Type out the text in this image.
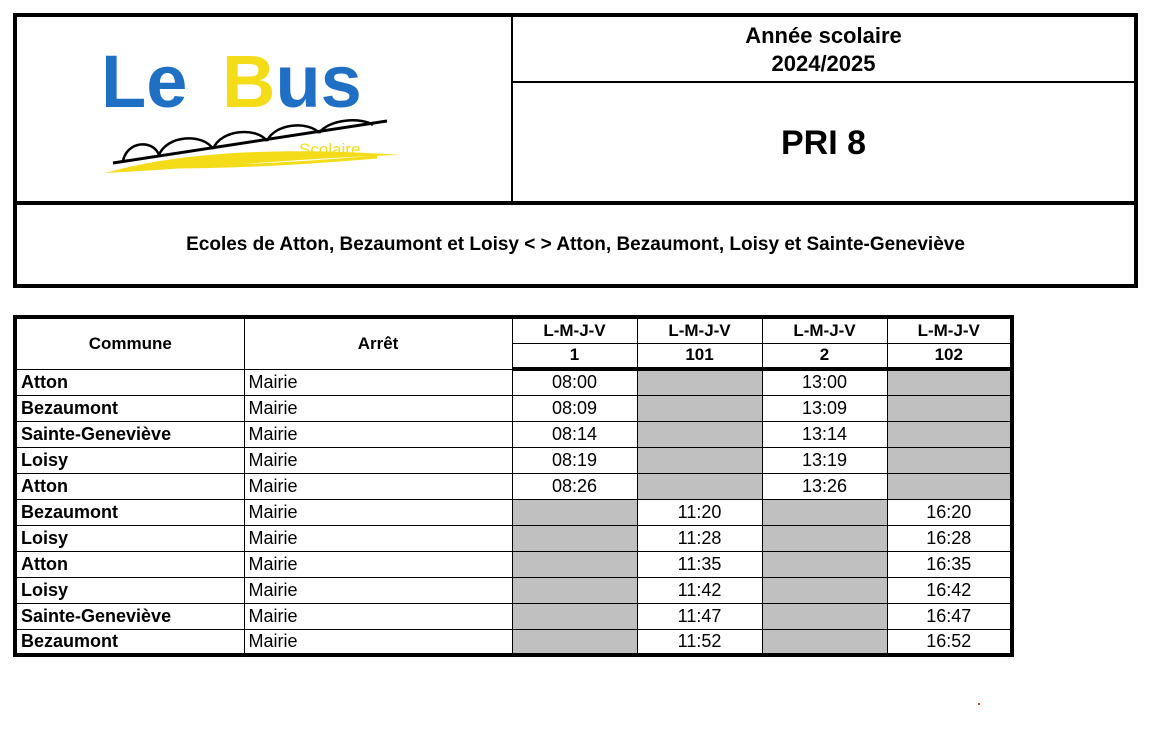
Scolaire
Le Bus
Année scolaire
2024/2025
PRI 8
Ecoles de Atton, Bezaumont et Loisy < > Atton, Bezaumont, Loisy et Sainte-Geneviève
Commune	Arrêt	L-M-J-V	L-M-J-V	L-M-J-V	L-M-J-V
		1	101	2	102
Atton	Mairie	08:00		13:00	
Bezaumont	Mairie	08:09		13:09	
Sainte-Geneviève	Mairie	08:14		13:14	
Loisy	Mairie	08:19		13:19	
Atton	Mairie	08:26		13:26	
Bezaumont	Mairie		11:20		16:20
Loisy	Mairie		11:28		16:28
Atton	Mairie		11:35		16:35
Loisy	Mairie		11:42		16:42
Sainte-Geneviève	Mairie		11:47		16:47
Bezaumont	Mairie		11:52		16:52
